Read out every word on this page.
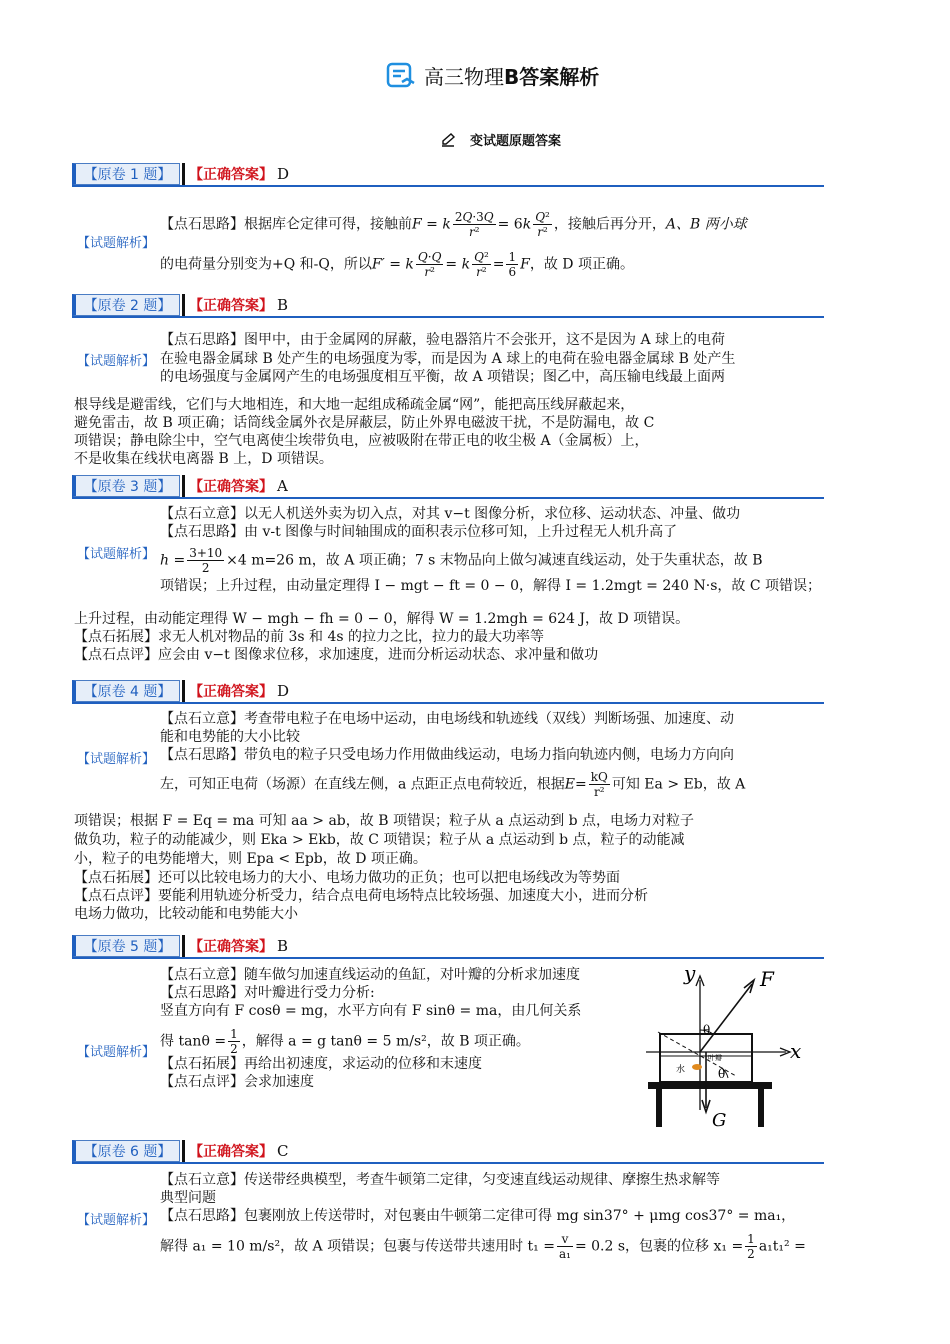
高三物理B答案解析
变试题原题答案
【原卷 1 题】	【正确答案】 D
【试题解析】
【点石思路】根据库仑定律可得，接触前F = k $\frac{2Q\cdot 3Q}{\text{r²}} = 6k \frac{\text{Q²}}{\text{r²}}$ ，接触后再分开，A、B 两小球
的电荷量分别变为+Q 和-Q，所以F′ = k $\frac{Q\cdot Q}{\text{r²}} = k \frac{\text{Q²}}{\text{r²}} = \frac{1}{6}$ F，故 D 项正确。
【原卷 2 题】	【正确答案】 B
【试题解析】
【点石思路】图甲中，由于金属网的屏蔽，验电器箔片不会张开，这不是因为 A 球上的电荷
在验电器金属球 B 处产生的电场强度为零，而是因为 A 球上的电荷在验电器金属球 B 处产生
的电场强度与金属网产生的电场强度相互平衡，故 A 项错误；图乙中，高压输电线最上面两
根导线是避雷线，它们与大地相连，和大地一起组成稀疏金属“网”，能把高压线屏蔽起来，
避免雷击，故 B 项正确；话筒线金属外衣是屏蔽层，防止外界电磁波干扰，不是防漏电，故 C
项错误；静电除尘中，空气电离使尘埃带负电，应被吸附在带正电的收尘极 A（金属板）上，
不是收集在线状电离器 B 上，D 项错误。
【原卷 3 题】	【正确答案】 A
【试题解析】
【点石立意】以无人机送外卖为切入点，对其 v−t 图像分析，求位移、运动状态、冲量、做功
【点石思路】由 v-t 图像与时间轴围成的面积表示位移可知，上升过程无人机升高了
$h = \frac{3+10}{2} \times 4$ m=26 m，故 A 项正确；7 s 末物品向上做匀减速直线运动，处于失重状态，故 B
项错误；上升过程，由动量定理得 I − mgt − ft = 0 − 0，解得 I = 1.2mgt = 240 N·s，故 C 项错误；
上升过程，由动能定理得 W − mgh − fh = 0 − 0，解得 W = 1.2mgh = 624 J，故 D 项错误。
【点石拓展】求无人机对物品的前 3s 和 4s 的拉力之比，拉力的最大功率等
【点石点评】应会由 v−t 图像求位移，求加速度，进而分析运动状态、求冲量和做功
【原卷 4 题】	【正确答案】 D
【试题解析】
【点石立意】考查带电粒子在电场中运动，由电场线和轨迹线（双线）判断场强、加速度、动
能和电势能的大小比较
【点石思路】带负电的粒子只受电场力作用做曲线运动，电场力指向轨迹内侧，电场力方向向
左，可知正电荷（场源）在直线左侧，a 点距正点电荷较近，根据$E= \frac{kQ}{\text{r²}}$ 可知 Ea > Eb，故 A
项错误；根据 F = Eq = ma 可知 aa > ab，故 B 项错误；粒子从 a 点运动到 b 点，电场力对粒子
做负功，粒子的动能减少，则 Eka > Ekb，故 C 项错误；粒子从 a 点运动到 b 点，粒子的动能减
小，粒子的电势能增大，则 Epa < Epb，故 D 项正确。
【点石拓展】还可以比较电场力的大小、电场力做功的正负；也可以把电场线改为等势面
【点石点评】要能利用轨迹分析受力，结合点电荷电场特点比较场强、加速度大小，进而分析
电场力做功，比较动能和电势能大小
【原卷 5 题】	【正确答案】 B
【试题解析】
【点石立意】随车做匀加速直线运动的鱼缸，对叶瓣的分析求加速度
【点石思路】对叶瓣进行受力分析:
竖直方向有 F cosθ = mg，水平方向有 F sinθ = ma，由几何关系
得 $\tan\theta = \frac{1}{2}$ ，解得 a = g tanθ = 5 m/s²，故 B 项正确。
【点石拓展】再给出初速度，求运动的位移和末速度
【点石点评】会求加速度
y
x
F
G
θ
θ
水
叶瓣
【原卷 6 题】	【正确答案】 C
【试题解析】
【点石立意】传送带经典模型，考查牛顿第二定律，匀变速直线运动规律、摩擦生热求解等
典型问题
【点石思路】包裹刚放上传送带时，对包裹由牛顿第二定律可得 mg sin37° + μmg cos37° = ma₁，
解得 a₁ = 10 m/s²，故 A 项错误；包裹与传送带共速用时 $t_1 = \frac{v}{\text{a₁}} = 0.2$ s，包裹的位移 $x_1 = \frac{1}{2} a_1t_1^2$ =
